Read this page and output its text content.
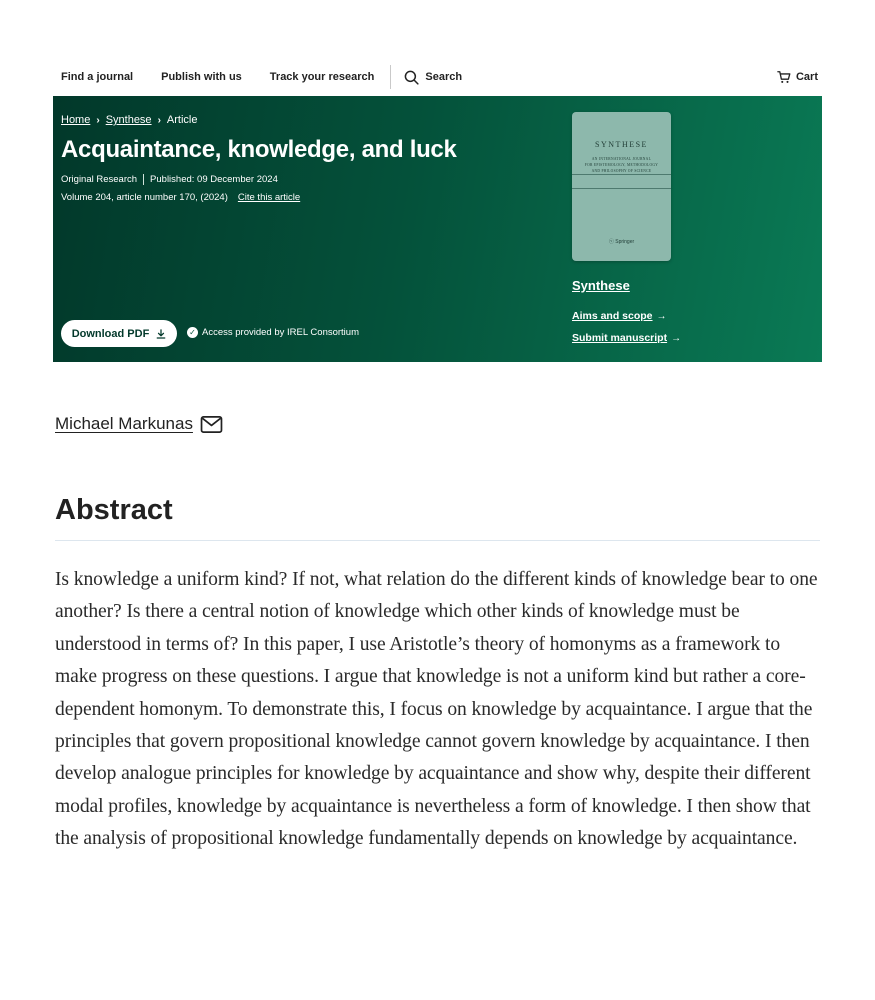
Find a journal	Publish with us	Track your research	Search	Cart
Home › Synthese › Article
Acquaintance, knowledge, and luck
Original Research Published: 09 December 2024
Volume 204, article number 170, (2024) Cite this article
Download PDF	✓ Access provided by IREL Consortium
SYNTHESE
AN INTERNATIONAL JOURNAL
FOR EPISTEMOLOGY, METHODOLOGY
AND PHILOSOPHY OF SCIENCE
ⓥ Springer
Synthese
Aims and scope →
Submit manuscript →
Michael Markunas
Abstract

Is knowledge a uniform kind? If not, what relation do the different kinds of knowledge bear to one another? Is there a central notion of knowledge which other kinds of knowledge must be understood in terms of? In this paper, I use Aristotle’s theory of homonyms as a framework to make progress on these questions. I argue that knowledge is not a uniform kind but rather a core-dependent homonym. To demonstrate this, I focus on knowledge by acquaintance. I argue that the principles that govern propositional knowledge cannot govern knowledge by acquaintance. I then develop analogue principles for knowledge by acquaintance and show why, despite their different modal profiles, knowledge by acquaintance is nevertheless a form of knowledge. I then show that the analysis of propositional knowledge fundamentally depends on knowledge by acquaintance.
